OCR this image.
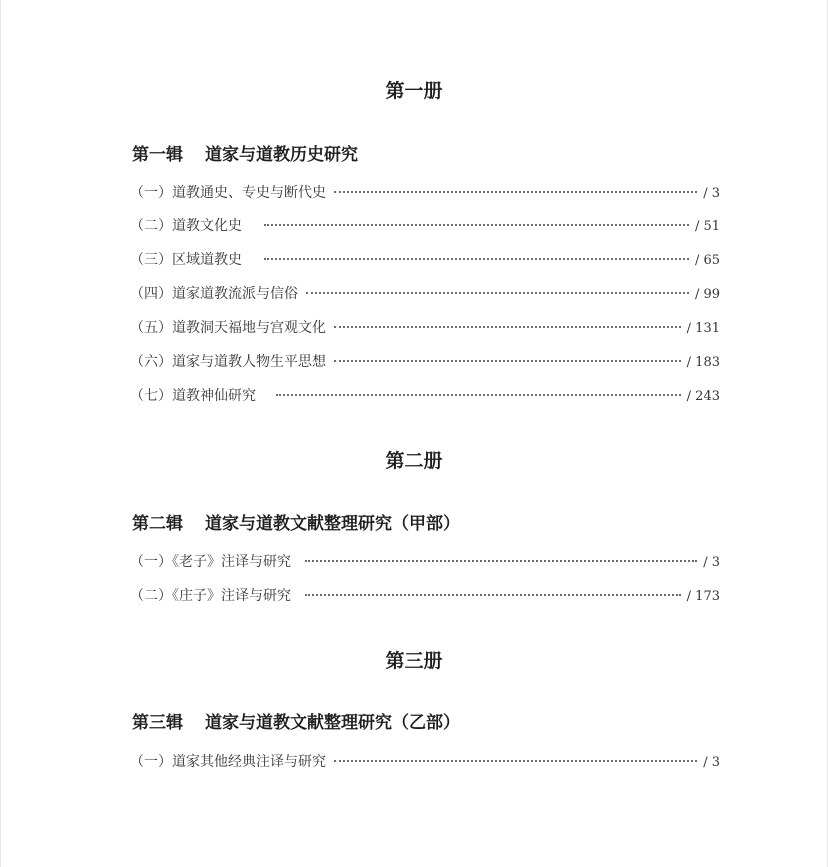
第一册
第一辑 道家与道教历史研究
（一）道教通史、专史与断代史	/ 3
（二）道教文化史	/ 51
（三）区域道教史	/ 65
（四）道家道教流派与信俗	/ 99
（五）道教洞天福地与宫观文化	/ 131
（六）道家与道教人物生平思想	/ 183
（七）道教神仙研究	/ 243
第二册
第二辑 道家与道教文献整理研究（甲部）
（一）《老子》注译与研究	/ 3
（二）《庄子》注译与研究	/ 173
第三册
第三辑 道家与道教文献整理研究（乙部）
（一）道家其他经典注译与研究	/ 3
